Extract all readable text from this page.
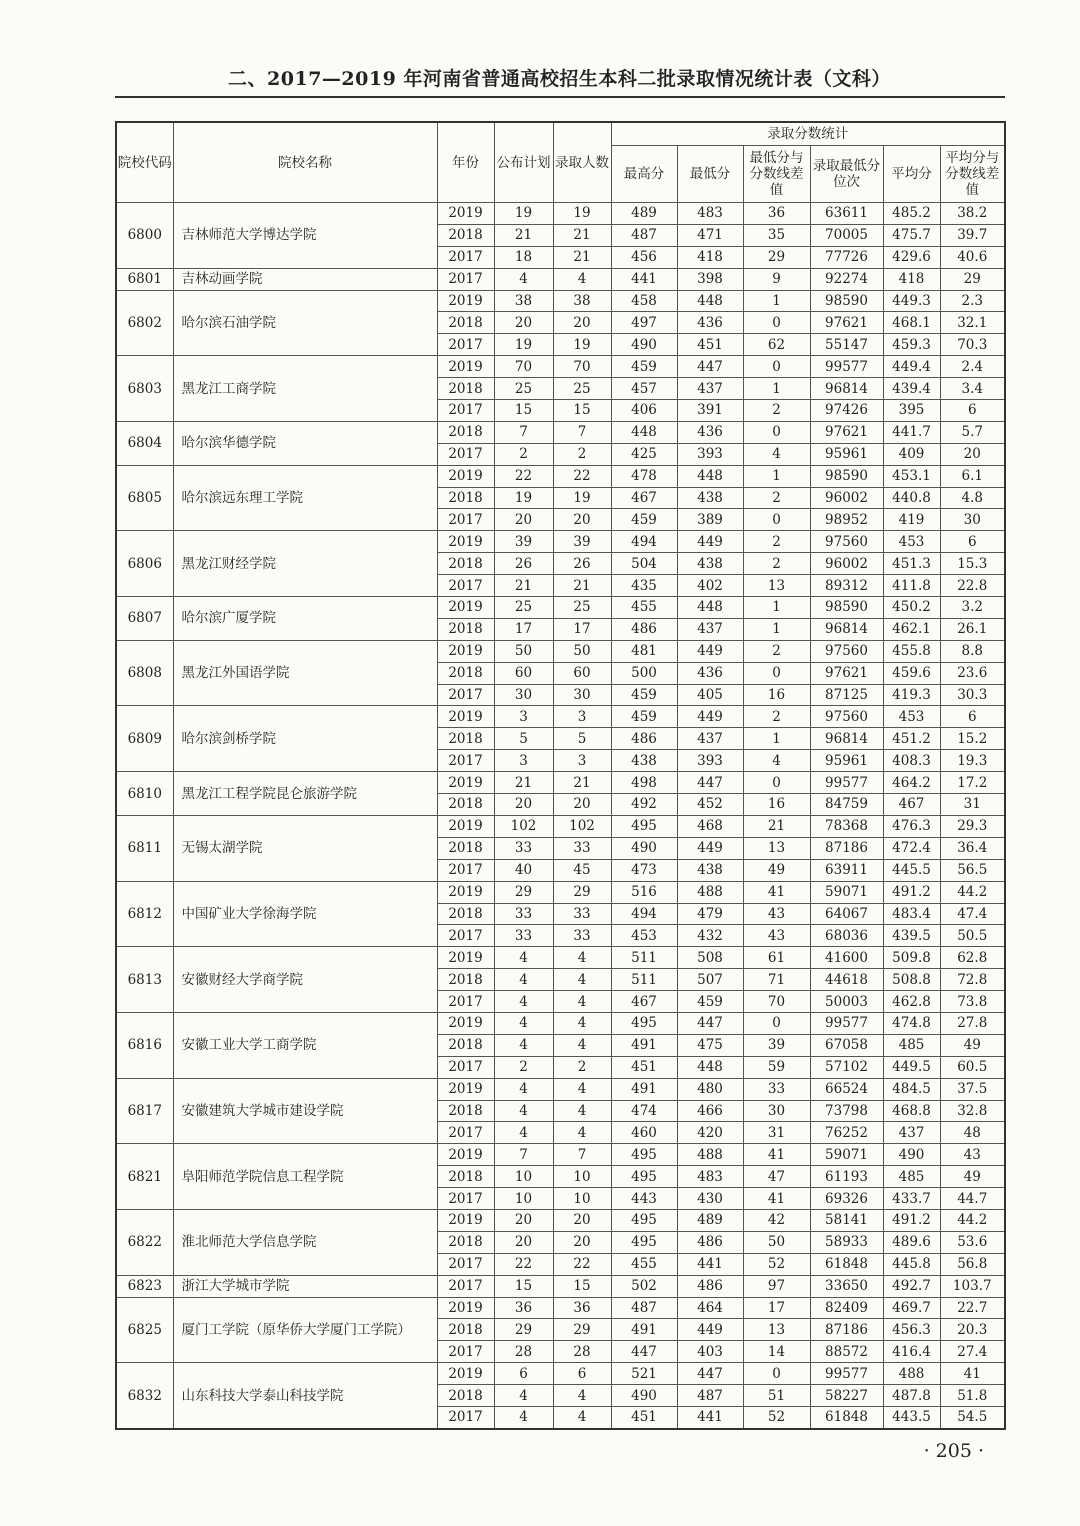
二、2017—2019 年河南省普通高校招生本科二批录取情况统计表（文科）
院校代码	院校名称	年份	公布计划	录取人数	录取分数统计					
					最高分	最低分	最低分与分数线差值	录取最低分位次	平均分	平均分与分数线差值
6800	吉林师范大学博达学院	2019	19	19	489	483	36	63611	485.2	38.2
		2018	21	21	487	471	35	70005	475.7	39.7
		2017	18	21	456	418	29	77726	429.6	40.6
6801	吉林动画学院	2017	4	4	441	398	9	92274	418	29
6802	哈尔滨石油学院	2019	38	38	458	448	1	98590	449.3	2.3
		2018	20	20	497	436	0	97621	468.1	32.1
		2017	19	19	490	451	62	55147	459.3	70.3
6803	黑龙江工商学院	2019	70	70	459	447	0	99577	449.4	2.4
		2018	25	25	457	437	1	96814	439.4	3.4
		2017	15	15	406	391	2	97426	395	6
6804	哈尔滨华德学院	2018	7	7	448	436	0	97621	441.7	5.7
		2017	2	2	425	393	4	95961	409	20
6805	哈尔滨远东理工学院	2019	22	22	478	448	1	98590	453.1	6.1
		2018	19	19	467	438	2	96002	440.8	4.8
		2017	20	20	459	389	0	98952	419	30
6806	黑龙江财经学院	2019	39	39	494	449	2	97560	453	6
		2018	26	26	504	438	2	96002	451.3	15.3
		2017	21	21	435	402	13	89312	411.8	22.8
6807	哈尔滨广厦学院	2019	25	25	455	448	1	98590	450.2	3.2
		2018	17	17	486	437	1	96814	462.1	26.1
6808	黑龙江外国语学院	2019	50	50	481	449	2	97560	455.8	8.8
		2018	60	60	500	436	0	97621	459.6	23.6
		2017	30	30	459	405	16	87125	419.3	30.3
6809	哈尔滨剑桥学院	2019	3	3	459	449	2	97560	453	6
		2018	5	5	486	437	1	96814	451.2	15.2
		2017	3	3	438	393	4	95961	408.3	19.3
6810	黑龙江工程学院昆仑旅游学院	2019	21	21	498	447	0	99577	464.2	17.2
		2018	20	20	492	452	16	84759	467	31
6811	无锡太湖学院	2019	102	102	495	468	21	78368	476.3	29.3
		2018	33	33	490	449	13	87186	472.4	36.4
		2017	40	45	473	438	49	63911	445.5	56.5
6812	中国矿业大学徐海学院	2019	29	29	516	488	41	59071	491.2	44.2
		2018	33	33	494	479	43	64067	483.4	47.4
		2017	33	33	453	432	43	68036	439.5	50.5
6813	安徽财经大学商学院	2019	4	4	511	508	61	41600	509.8	62.8
		2018	4	4	511	507	71	44618	508.8	72.8
		2017	4	4	467	459	70	50003	462.8	73.8
6816	安徽工业大学工商学院	2019	4	4	495	447	0	99577	474.8	27.8
		2018	4	4	491	475	39	67058	485	49
		2017	2	2	451	448	59	57102	449.5	60.5
6817	安徽建筑大学城市建设学院	2019	4	4	491	480	33	66524	484.5	37.5
		2018	4	4	474	466	30	73798	468.8	32.8
		2017	4	4	460	420	31	76252	437	48
6821	阜阳师范学院信息工程学院	2019	7	7	495	488	41	59071	490	43
		2018	10	10	495	483	47	61193	485	49
		2017	10	10	443	430	41	69326	433.7	44.7
6822	淮北师范大学信息学院	2019	20	20	495	489	42	58141	491.2	44.2
		2018	20	20	495	486	50	58933	489.6	53.6
		2017	22	22	455	441	52	61848	445.8	56.8
6823	浙江大学城市学院	2017	15	15	502	486	97	33650	492.7	103.7
6825	厦门工学院（原华侨大学厦门工学院）	2019	36	36	487	464	17	82409	469.7	22.7
		2018	29	29	491	449	13	87186	456.3	20.3
		2017	28	28	447	403	14	88572	416.4	27.4
6832	山东科技大学泰山科技学院	2019	6	6	521	447	0	99577	488	41
		2018	4	4	490	487	51	58227	487.8	51.8
		2017	4	4	451	441	52	61848	443.5	54.5
· 205 ·
